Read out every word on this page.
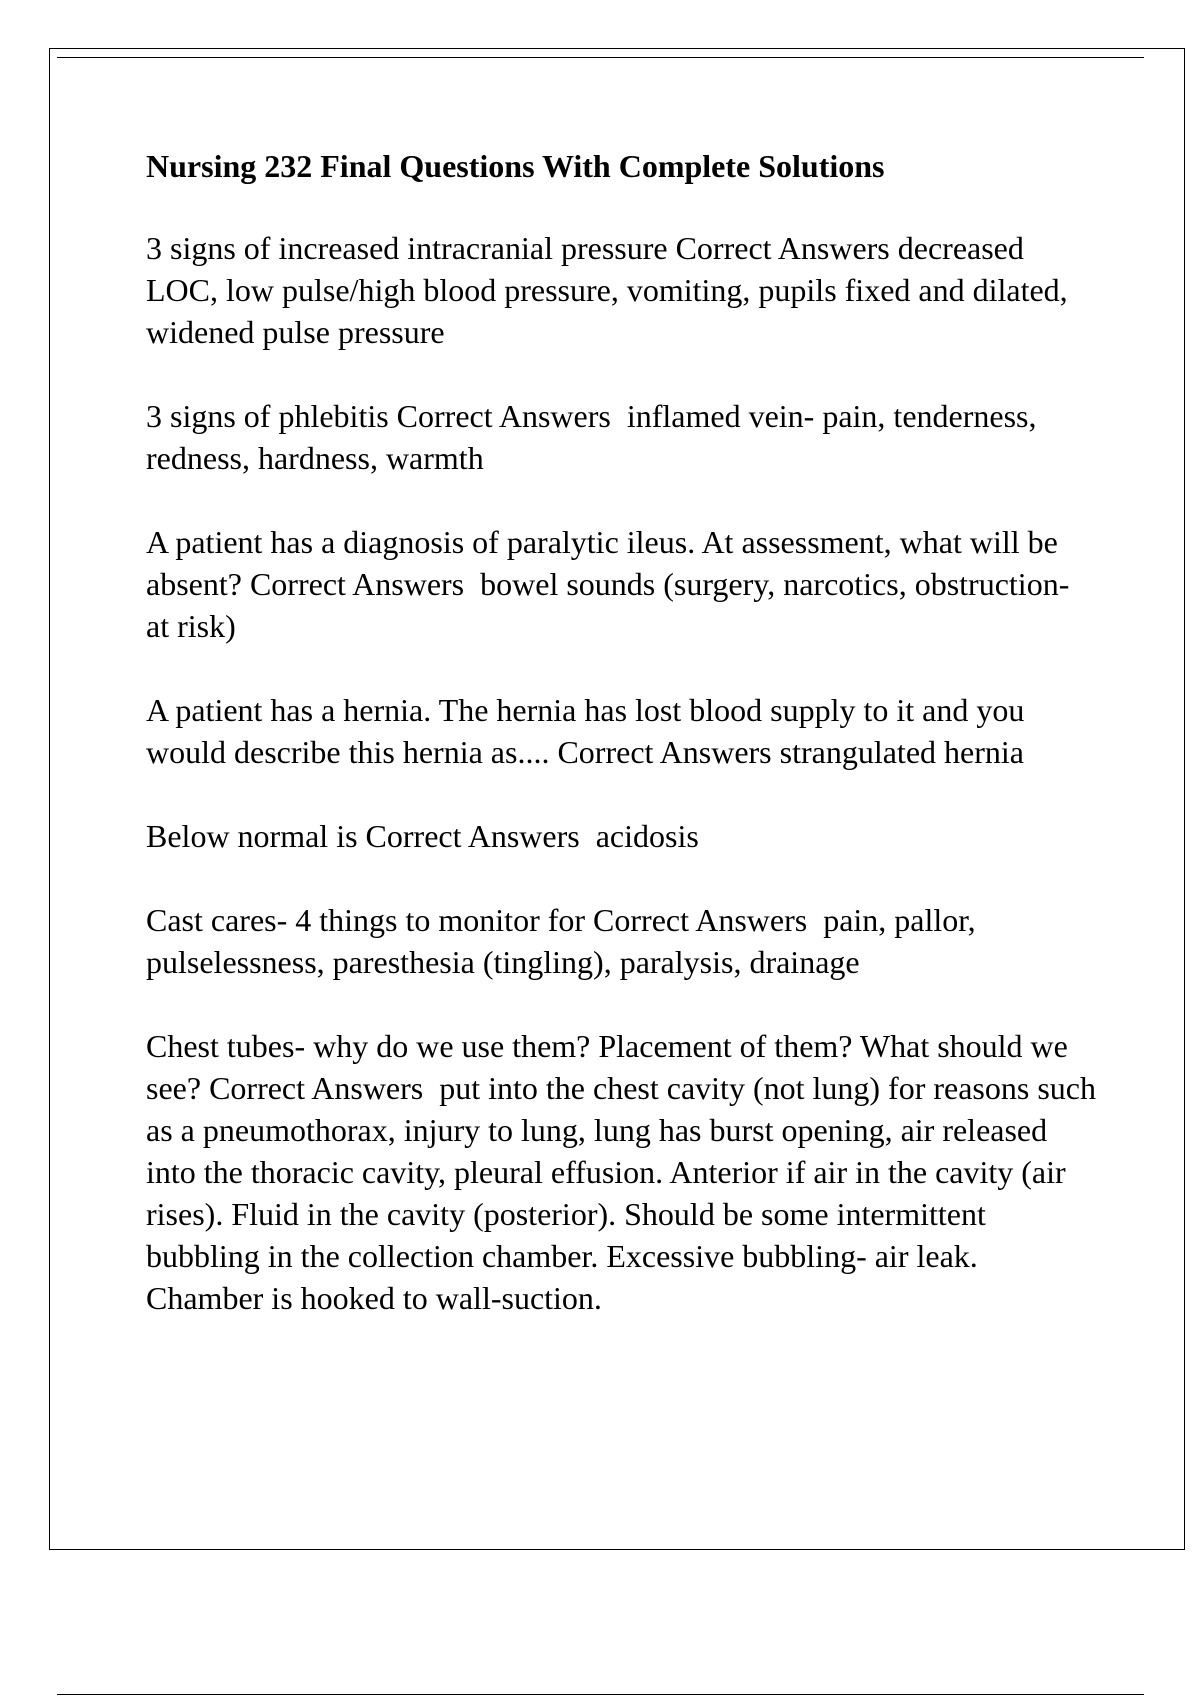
Nursing 232 Final Questions With Complete Solutions
3 signs of increased intracranial pressure Correct Answers decreased LOC, low pulse/high blood pressure, vomiting, pupils fixed and dilated, widened pulse pressure
3 signs of phlebitis Correct Answers  inflamed vein- pain, tenderness, redness, hardness, warmth
A patient has a diagnosis of paralytic ileus. At assessment, what will be absent? Correct Answers  bowel sounds (surgery, narcotics, obstruction- at risk)
A patient has a hernia. The hernia has lost blood supply to it and you would describe this hernia as.... Correct Answers strangulated hernia
Below normal is Correct Answers  acidosis
Cast cares- 4 things to monitor for Correct Answers  pain, pallor, pulselessness, paresthesia (tingling), paralysis, drainage
Chest tubes- why do we use them? Placement of them? What should we see? Correct Answers  put into the chest cavity (not lung) for reasons such as a pneumothorax, injury to lung, lung has burst opening, air released into the thoracic cavity, pleural effusion. Anterior if air in the cavity (air rises). Fluid in the cavity (posterior). Should be some intermittent bubbling in the collection chamber. Excessive bubbling- air leak. Chamber is hooked to wall-suction.
